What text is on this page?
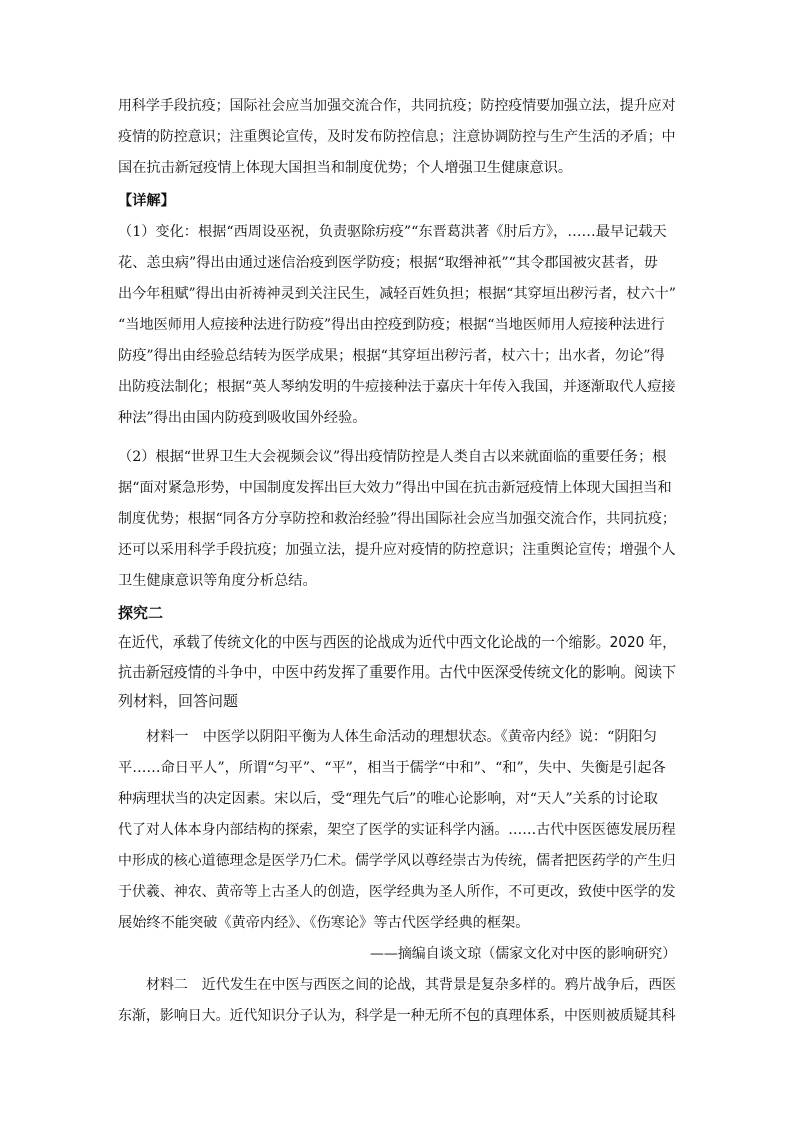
用科学手段抗疫；国际社会应当加强交流合作，共同抗疫；防控疫情要加强立法，提升应对
疫情的防控意识；注重舆论宣传，及时发布防控信息；注意协调防控与生产生活的矛盾；中
国在抗击新冠疫情上体现大国担当和制度优势；个人增强卫生健康意识。
【详解】
（1）变化：根据“西周设巫祝，负责驱除疠疫”“东晋葛洪著《肘后方》，……最早记载天
花、恙虫病”得出由通过迷信治疫到医学防疫；根据“取缗神祇”“其令郡国被灾甚者，毋
出今年租赋”得出由祈祷神灵到关注民生，减轻百姓负担；根据“其穿垣出秽污者，杖六十”
“当地医师用人痘接种法进行防疫”得出由控疫到防疫；根据“当地医师用人痘接种法进行
防疫”得出由经验总结转为医学成果；根据“其穿垣出秽污者，杖六十；出水者，勿论”得
出防疫法制化；根据“英人琴纳发明的牛痘接种法于嘉庆十年传入我国，并逐渐取代人痘接
种法”得出由国内防疫到吸收国外经验。
（2）根据“世界卫生大会视频会议”得出疫情防控是人类自古以来就面临的重要任务；根
据“面对紧急形势，中国制度发挥出巨大效力”得出中国在抗击新冠疫情上体现大国担当和
制度优势；根据“同各方分享防控和救治经验”得出国际社会应当加强交流合作，共同抗疫；
还可以采用科学手段抗疫；加强立法，提升应对疫情的防控意识；注重舆论宣传；增强个人
卫生健康意识等角度分析总结。
探究二
在近代，承载了传统文化的中医与西医的论战成为近代中西文化论战的一个缩影。2020 年，
抗击新冠疫情的斗争中，中医中药发挥了重要作用。古代中医深受传统文化的影响。阅读下
列材料，回答问题
材料一　中医学以阴阳平衡为人体生命活动的理想状态。《黄帝内经》说：“阴阳匀
平……命日平人”，所谓“匀平”、“平”，相当于儒学“中和”、“和”，失中、失衡是引起各
种病理状当的决定因素。宋以后，受“理先气后”的唯心论影响，对“天人”关系的讨论取
代了对人体本身内部结构的探索，架空了医学的实证科学内涵。……古代中医医德发展历程
中形成的核心道德理念是医学乃仁术。儒学学风以尊经崇古为传统，儒者把医药学的产生归
于伏羲、神农、黄帝等上古圣人的创造，医学经典为圣人所作，不可更改，致使中医学的发
展始终不能突破《黄帝内经》、《伤寒论》等古代医学经典的框架。
——摘编自谈文琼（儒家文化对中医的影响研究）
材料二　近代发生在中医与西医之间的论战，其背景是复杂多样的。鸦片战争后，西医
东渐，影响日大。近代知识分子认为，科学是一种无所不包的真理体系，中医则被质疑其科
